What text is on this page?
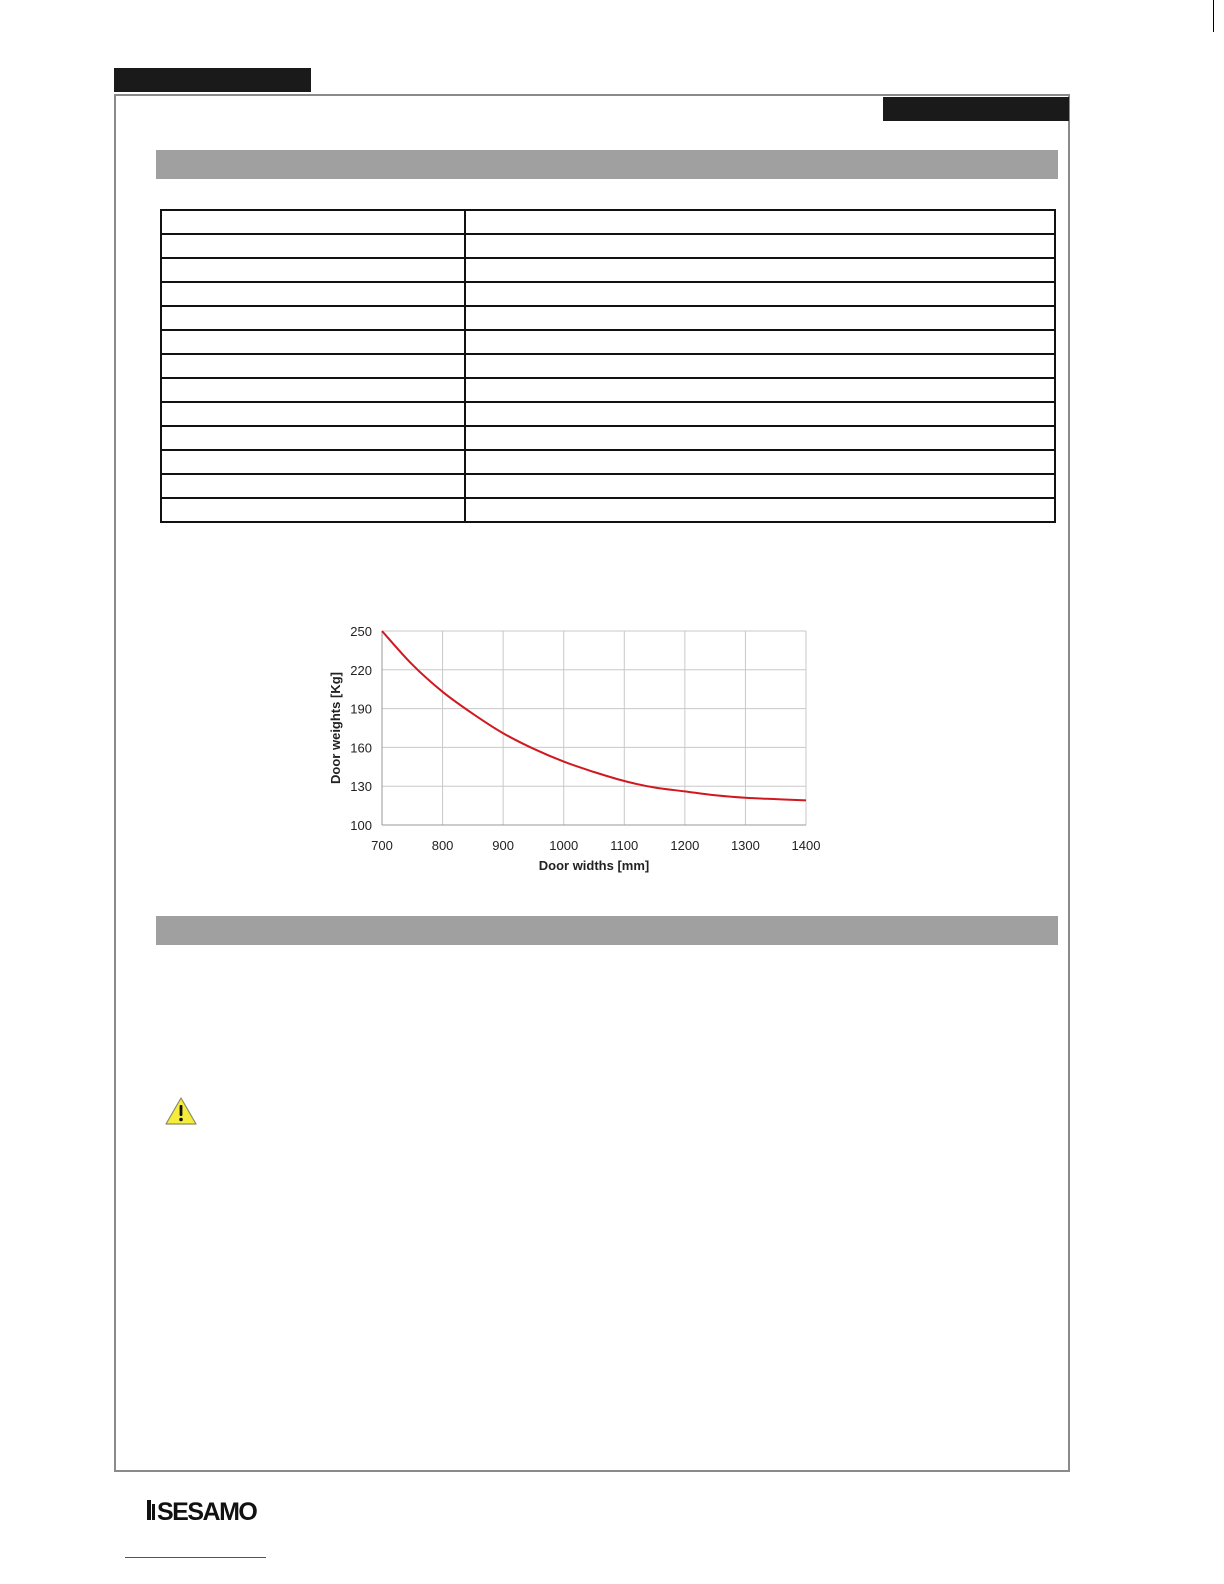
700	800	900	1000 1100 1200 1300 1400
100
130
160
190
220
250
Door widths [mm]
Door weights [Kg]
SESAMO
